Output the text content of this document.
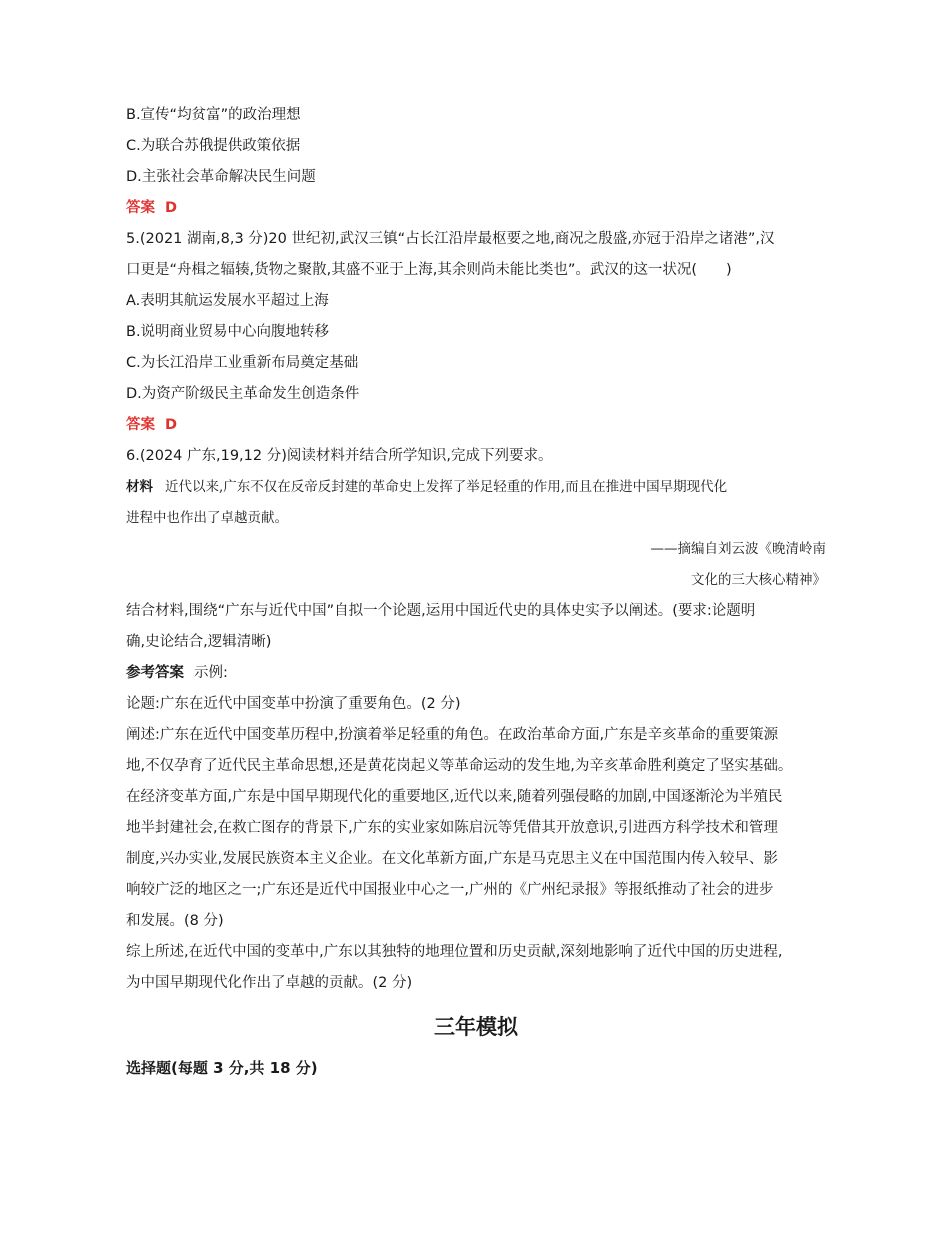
B.宣传“均贫富”的政治理想
C.为联合苏俄提供政策依据
D.主张社会革命解决民生问题
答案 D
5.(2021 湖南,8,3 分)20 世纪初,武汉三镇“占长江沿岸最枢要之地,商况之殷盛,亦冠于沿岸之诸港”,汉
口更是“舟楫之辐辏,货物之聚散,其盛不亚于上海,其余则尚未能比类也”。武汉的这一状况(　　)
A.表明其航运发展水平超过上海
B.说明商业贸易中心向腹地转移
C.为长江沿岸工业重新布局奠定基础
D.为资产阶级民主革命发生创造条件
答案 D
6.(2024 广东,19,12 分)阅读材料并结合所学知识,完成下列要求。
材料 近代以来,广东不仅在反帝反封建的革命史上发挥了举足轻重的作用,而且在推进中国早期现代化
进程中也作出了卓越贡献。
——摘编自刘云波《晚清岭南
文化的三大核心精神》
结合材料,围绕“广东与近代中国”自拟一个论题,运用中国近代史的具体史实予以阐述。(要求:论题明
确,史论结合,逻辑清晰)
参考答案 示例:
论题:广东在近代中国变革中扮演了重要角色。(2 分)
阐述:广东在近代中国变革历程中,扮演着举足轻重的角色。在政治革命方面,广东是辛亥革命的重要策源
地,不仅孕育了近代民主革命思想,还是黄花岗起义等革命运动的发生地,为辛亥革命胜利奠定了坚实基础。
在经济变革方面,广东是中国早期现代化的重要地区,近代以来,随着列强侵略的加剧,中国逐渐沦为半殖民
地半封建社会,在救亡图存的背景下,广东的实业家如陈启沅等凭借其开放意识,引进西方科学技术和管理
制度,兴办实业,发展民族资本主义企业。在文化革新方面,广东是马克思主义在中国范围内传入较早、影
响较广泛的地区之一;广东还是近代中国报业中心之一,广州的《广州纪录报》等报纸推动了社会的进步
和发展。(8 分)
综上所述,在近代中国的变革中,广东以其独特的地理位置和历史贡献,深刻地影响了近代中国的历史进程,
为中国早期现代化作出了卓越的贡献。(2 分)
三年模拟
选择题(每题 3 分,共 18 分)
